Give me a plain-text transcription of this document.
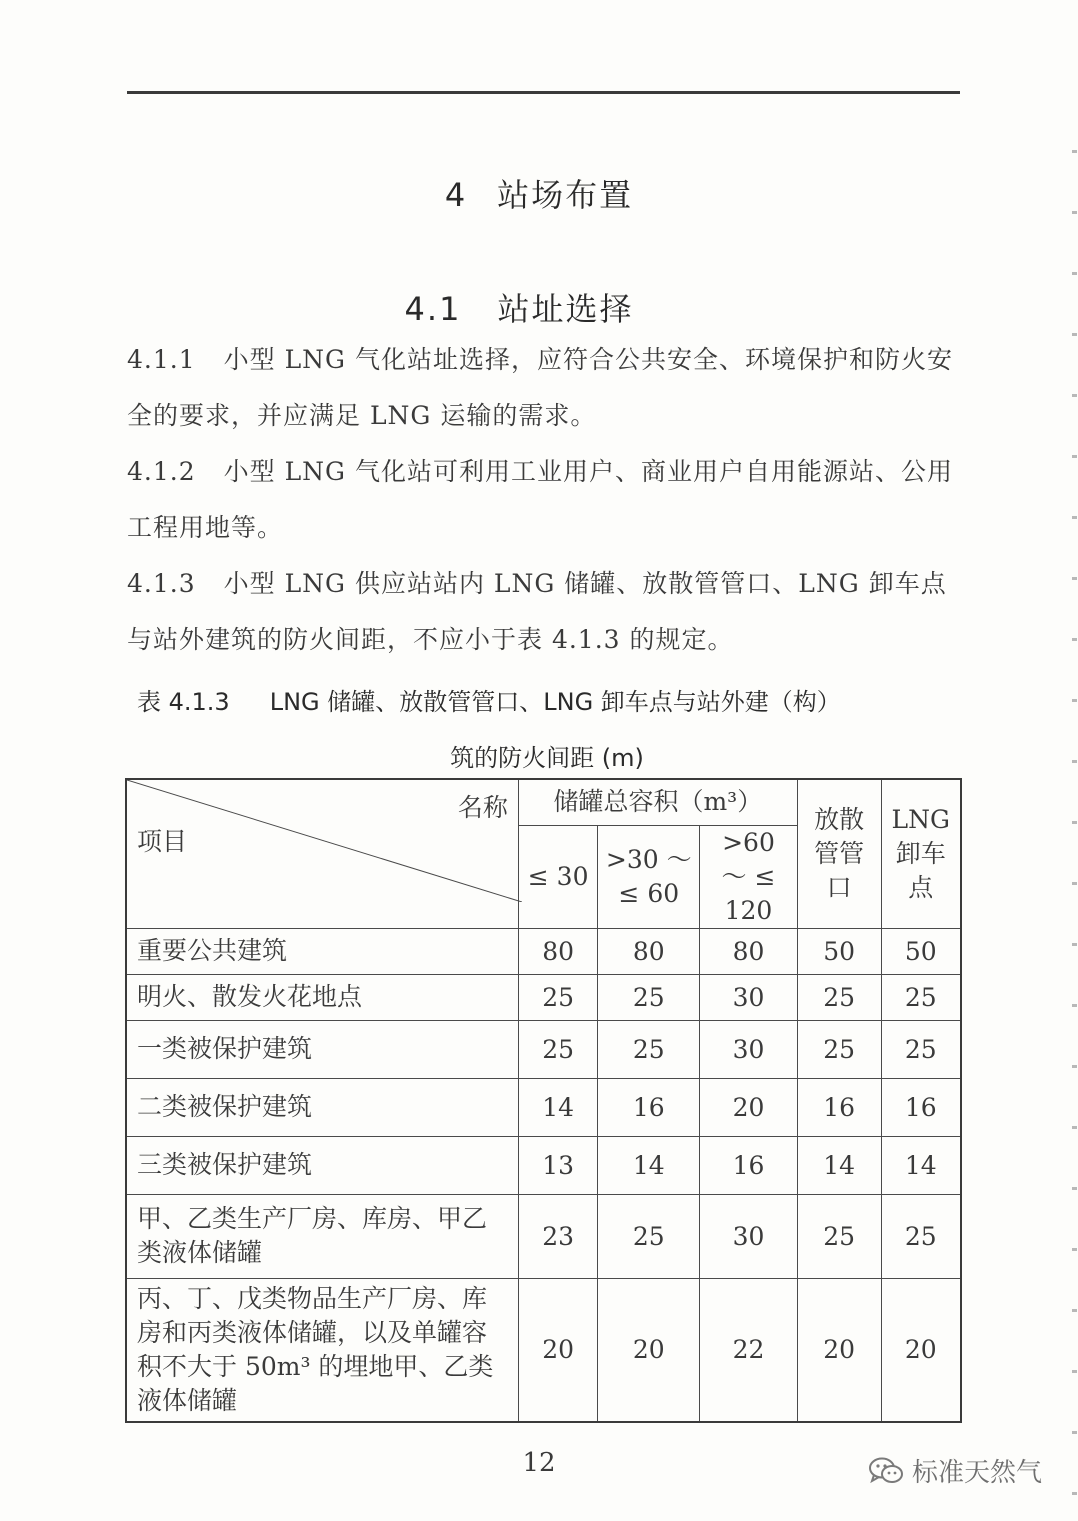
4 站场布置
4.1 站址选择

4.1.1 小型 LNG 气化站址选择，应符合公共安全、环境保护和防火安全的要求，并应满足 LNG 运输的需求。

4.1.2 小型 LNG 气化站可利用工业用户、商业用户自用能源站、公用工程用地等。

4.1.3 小型 LNG 供应站站内 LNG 储罐、放散管管口、LNG 卸车点与站外建筑的防火间距，不应小于表 4.1.3 的规定。

表 4.1.3 LNG 储罐、放散管管口、LNG 卸车点与站外建（构）
筑的防火间距 (m)
名称
项目	储罐总容积（m³）			放散管管口	LNG 卸车点
	≤ 30	>30 ～ ≤ 60	>60 ～ ≤ 120		
重要公共建筑	80	80	80	50	50
明火、散发火花地点	25	25	30	25	25
一类被保护建筑	25	25	30	25	25
二类被保护建筑	14	16	20	16	16
三类被保护建筑	13	14	16	14	14
甲、乙类生产厂房、库房、甲乙类液体储罐	23	25	30	25	25
丙、丁、戊类物品生产厂房、库房和丙类液体储罐，以及单罐容积不大于 50m³ 的埋地甲、乙类液体储罐	20	20	22	20	20
12	标准天然气
